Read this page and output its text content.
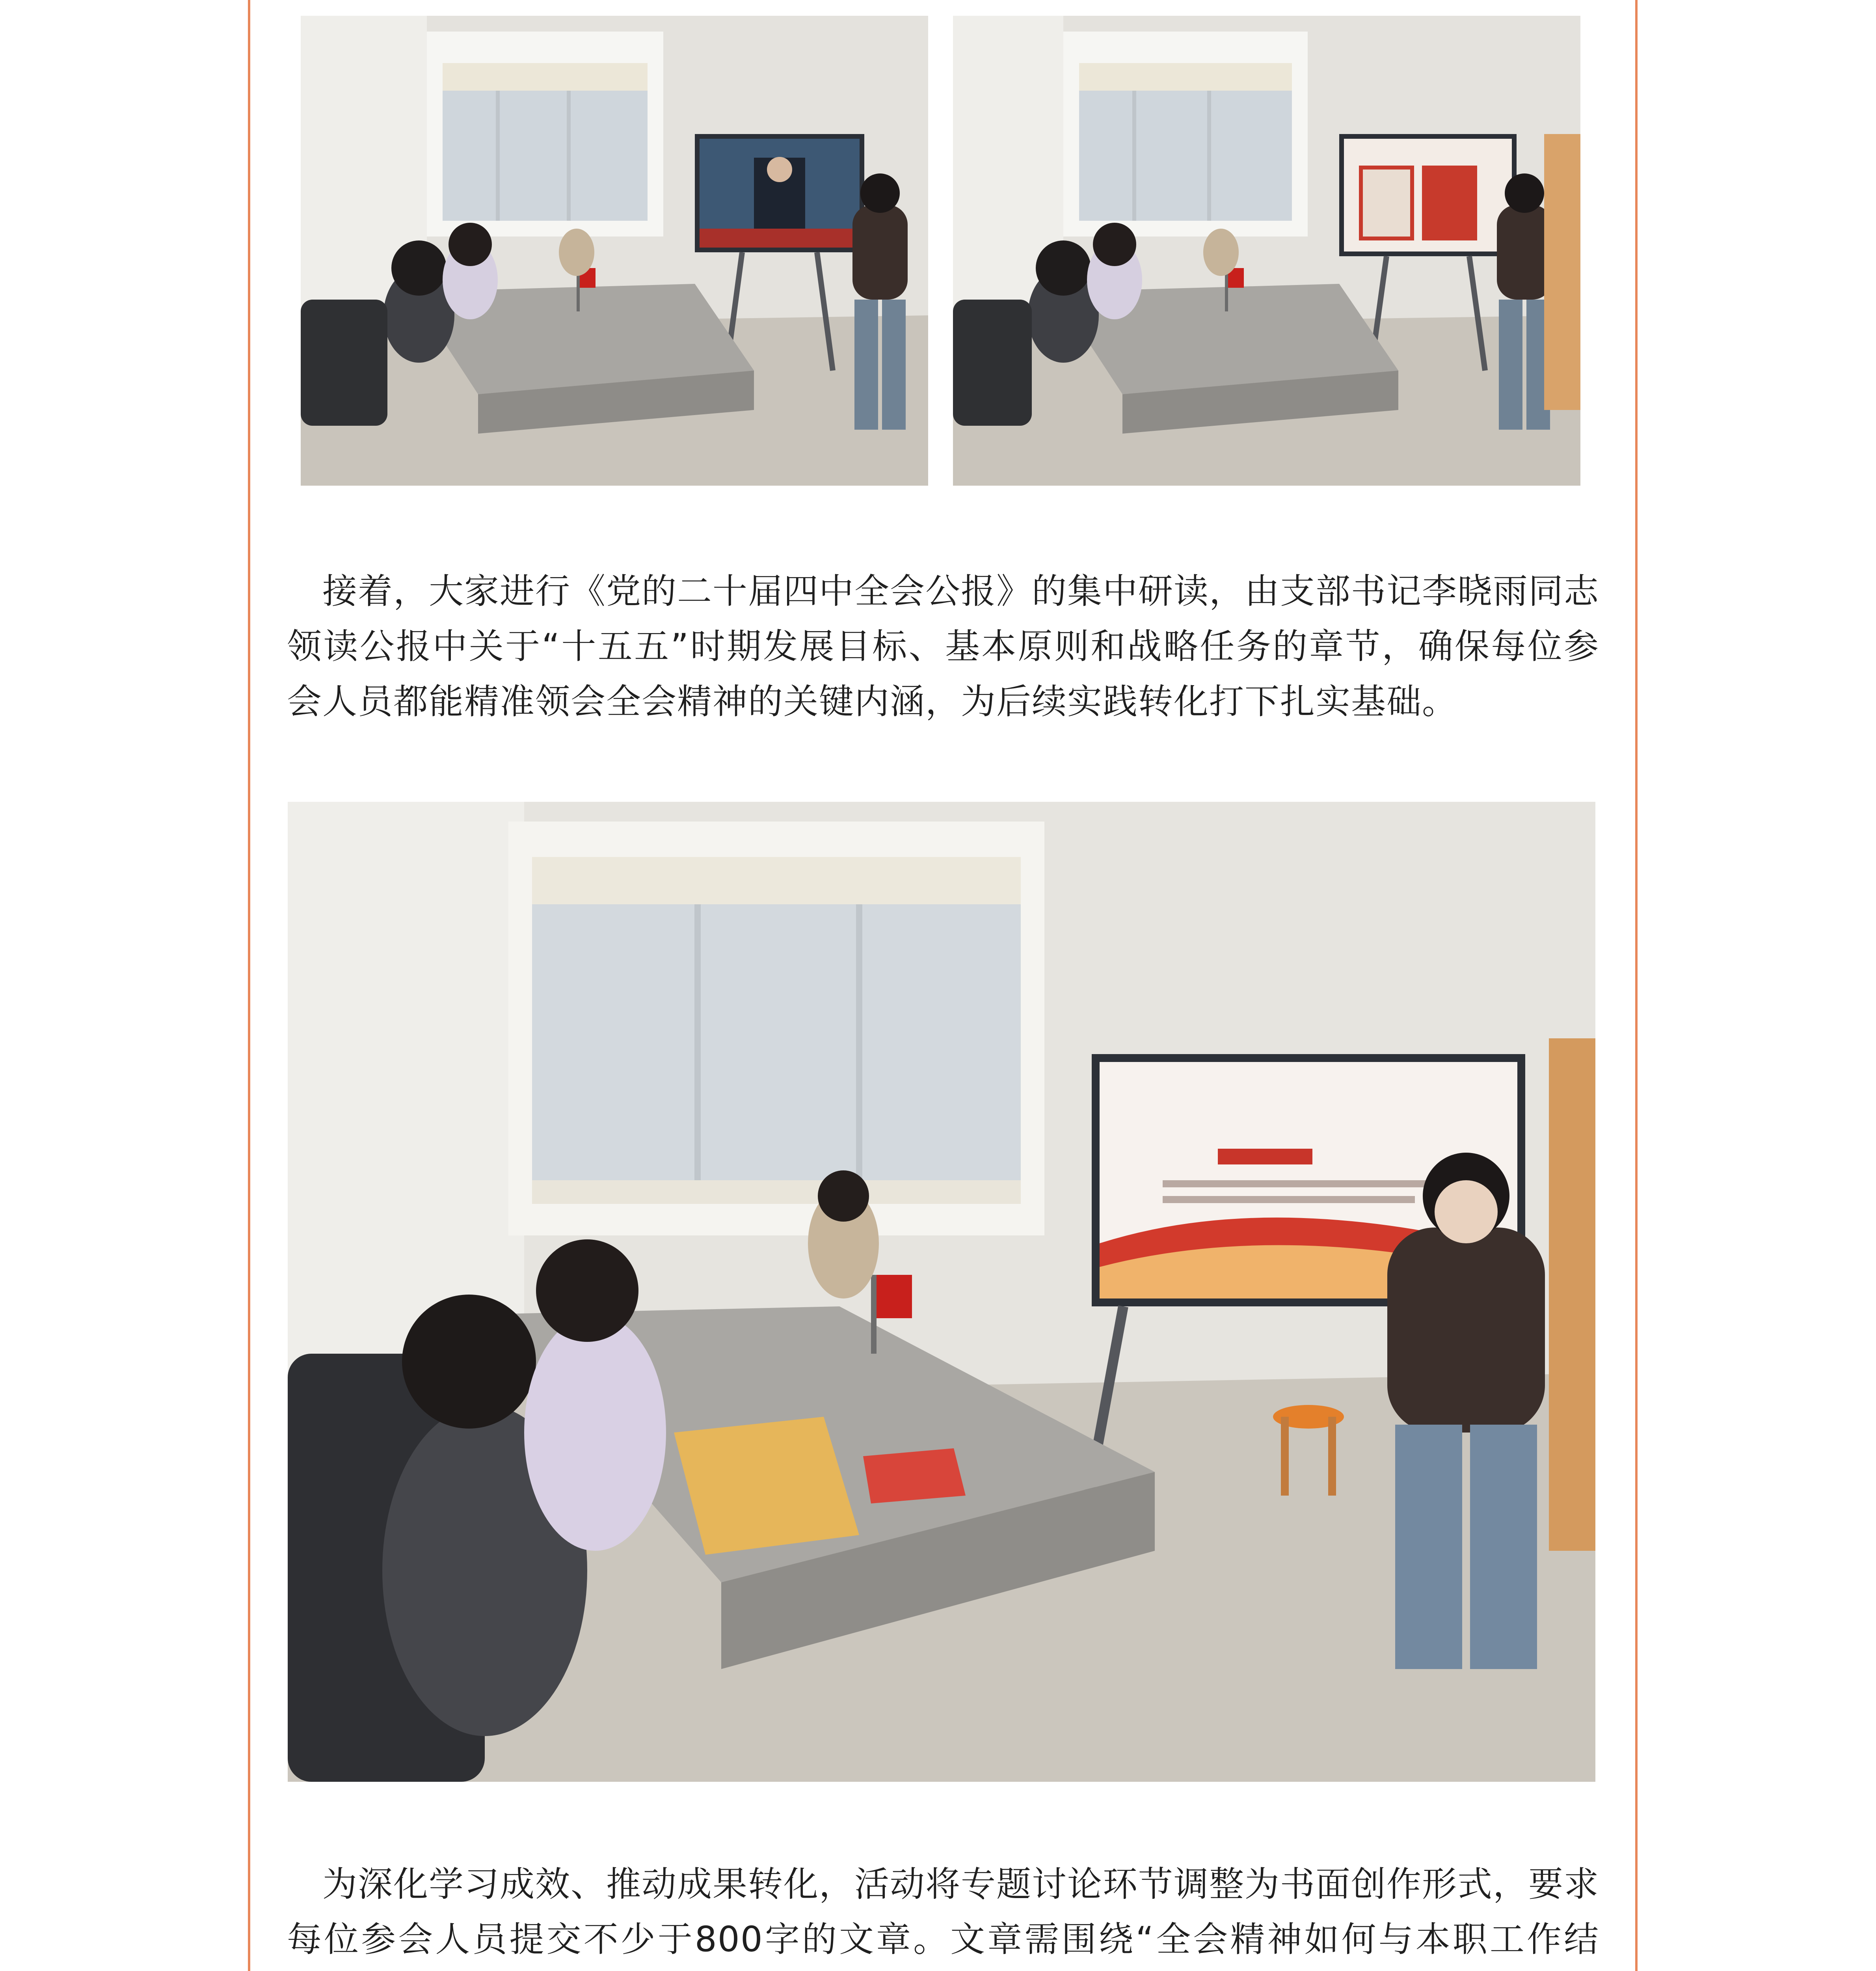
　接着，大家进行《党的二十届四中全会公报》的集中研读，由支部书记李晓雨同志领读公报中关于“十五五”时期发展目标、基本原则和战略任务的章节，确保每位参会人员都能精准领会全会精神的关键内涵，为后续实践转化打下扎实基础。

　为深化学习成效、推动成果转化，活动将专题讨论环节调整为书面创作形式，要求每位参会人员提交不少于800字的文章。文章需围绕“全会精神如何与本职工作结
